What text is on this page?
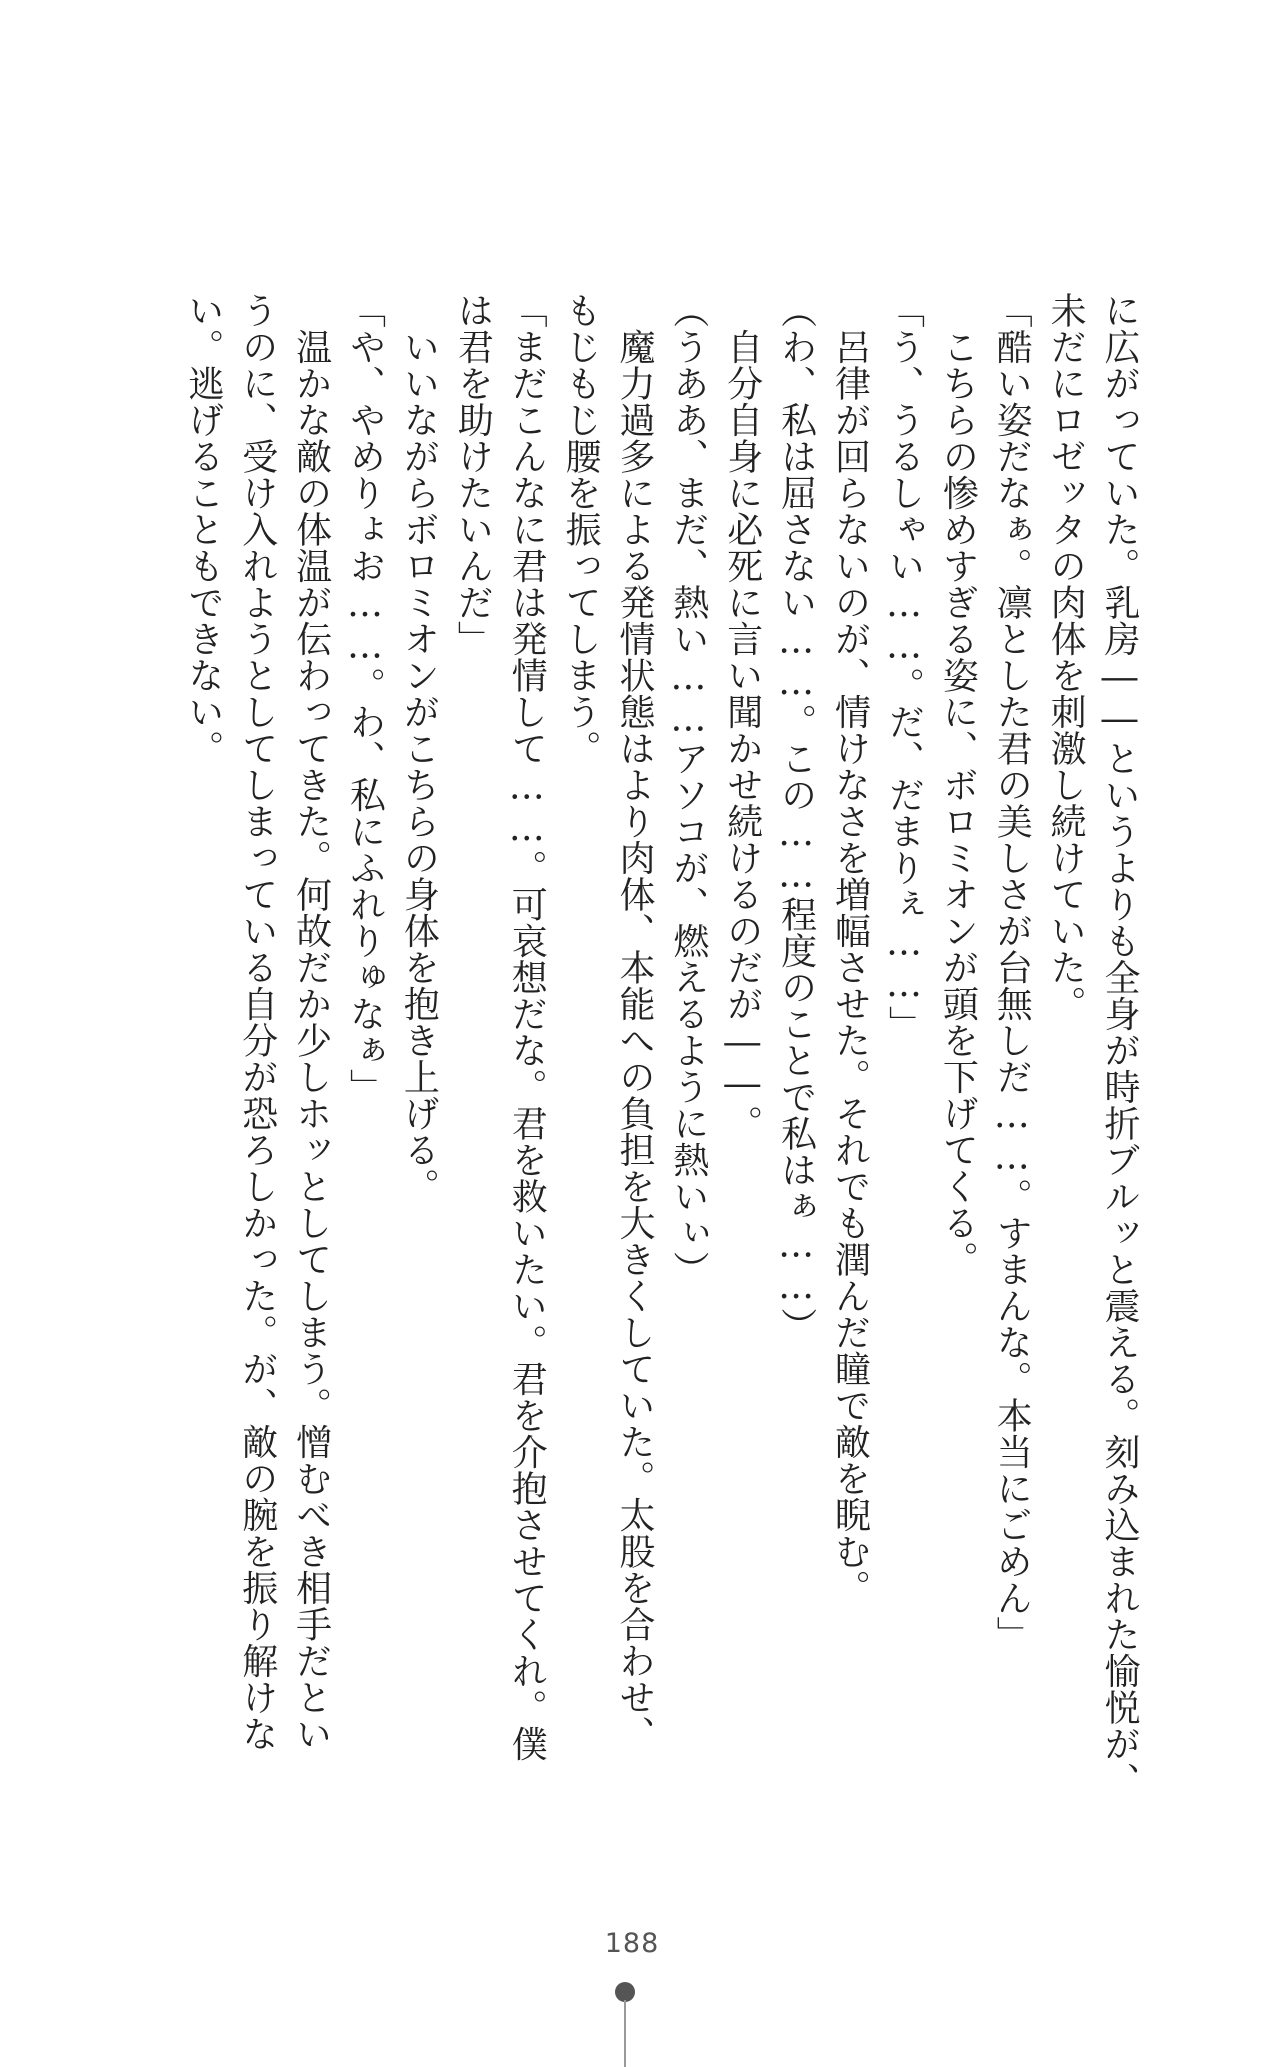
に広がっていた。乳房――というよりも全身が時折ブルッと震える。刻み込まれた愉悦が、
未だにロゼッタの肉体を刺激し続けていた。
「酷い姿だなぁ。凛とした君の美しさが台無しだ……。すまんな。本当にごめん」
　こちらの惨めすぎる姿に、ボロミオンが頭を下げてくる。
「う、うるしゃい……。だ、だまりぇ……」
　呂律が回らないのが、情けなさを増幅させた。それでも潤んだ瞳で敵を睨む。
（わ、私は屈さない……。この……程度のことで私はぁ……）
　自分自身に必死に言い聞かせ続けるのだが――。
（うああ、まだ、熱い……アソコが、燃えるように熱いぃ）
　魔力過多による発情状態はより肉体、本能への負担を大きくしていた。太股を合わせ、
もじもじ腰を振ってしまう。
「まだこんなに君は発情して……。可哀想だな。君を救いたい。君を介抱させてくれ。僕
は君を助けたいんだ」
　いいながらボロミオンがこちらの身体を抱き上げる。
「や、やめりょお……。わ、私にふれりゅなぁ」
　温かな敵の体温が伝わってきた。何故だか少しホッとしてしまう。憎むべき相手だとい
うのに、受け入れようとしてしまっている自分が恐ろしかった。が、敵の腕を振り解けな
い。逃げることもできない。
188
